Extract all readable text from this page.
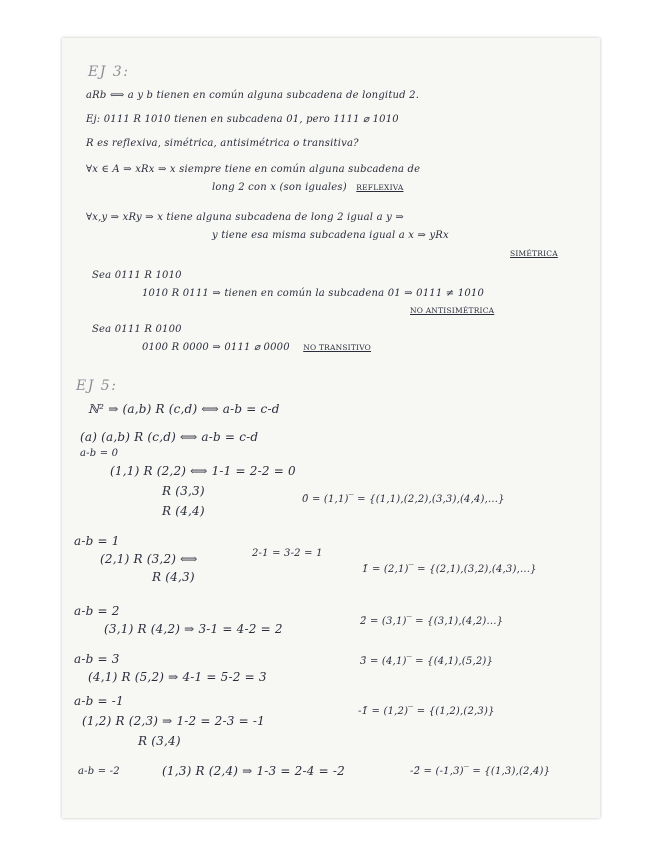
EJ 3:
aRb ⟺ a y b tienen en común alguna subcadena de longitud 2.
Ej: 0111 R 1010 tienen en subcadena 01, pero 1111 ⌀ 1010
R es reflexiva, simétrica, antisimétrica o transitiva?
∀x ∈ A ⇒ xRx ⇒ x siempre tiene en común alguna subcadena de
long 2 con x (son iguales) REFLEXIVA
∀x,y ⇒ xRy ⇒ x tiene alguna subcadena de long 2 igual a y ⇒
y tiene esa misma subcadena igual a x ⇒ yRx
SIMÉTRICA
Sea 0111 R 1010
1010 R 0111 ⇒ tienen en común la subcadena 01 ⇒ 0111 ≠ 1010
NO ANTISIMÉTRICA
Sea 0111 R 0100
0100 R 0000 ⇒ 0111 ⌀ 0000 NO TRANSITIVO
EJ 5:
ℕ² ⇒ (a,b) R (c,d) ⟺ a-b = c-d
(a) (a,b) R (c,d) ⟺ a-b = c-d
a-b = 0
(1,1) R (2,2) ⟺ 1-1 = 2-2 = 0
R (3,3)
R (4,4)
0̄ = (1,1)‾ = {(1,1),(2,2),(3,3),(4,4),...}
a-b = 1
(2,1) R (3,2) ⟺	2-1 = 3-2 = 1
R (4,3)
1̄ = (2,1)‾ = {(2,1),(3,2),(4,3),...}
a-b = 2
(3,1) R (4,2) ⇒ 3-1 = 4-2 = 2
2̄ = (3,1)‾ = {(3,1),(4,2)...}
a-b = 3
(4,1) R (5,2) ⇒ 4-1 = 5-2 = 3
3̄ = (4,1)‾ = {(4,1),(5,2)}
a-b = -1
(1,2) R (2,3) ⇒ 1-2 = 2-3 = -1
R (3,4)
-1̄ = (1,2)‾ = {(1,2),(2,3)}
a-b = -2	(1,3) R (2,4) ⇒ 1-3 = 2-4 = -2	-2̄ = (-1,3)‾ = {(1,3),(2,4)}
